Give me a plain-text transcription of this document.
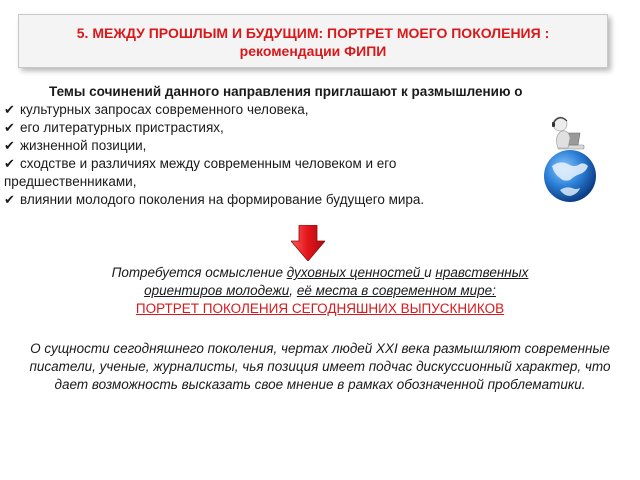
5. МЕЖДУ ПРОШЛЫМ И БУДУЩИМ: ПОРТРЕТ МОЕГО ПОКОЛЕНИЯ :
рекомендации ФИПИ
Темы сочинений данного направления приглашают к размышлению о
✔ культурных запросах современного человека,
✔ его литературных пристрастиях,
✔ жизненной позиции,
✔ сходстве и различиях между современным человеком и его
предшественниками,
✔ влиянии молодого поколения на формирование будущего мира.
Потребуется осмысление духовных ценностей и нравственных
ориентиров молодежи, её места в современном мире:
ПОРТРЕТ ПОКОЛЕНИЯ СЕГОДНЯШНИХ ВЫПУСКНИКОВ
О сущности сегодняшнего поколения, чертах людей XXI века размышляют современные писатели, ученые, журналисты, чья позиция имеет подчас дискуссионный характер, что дает возможность высказать свое мнение в рамках обозначенной проблематики.
